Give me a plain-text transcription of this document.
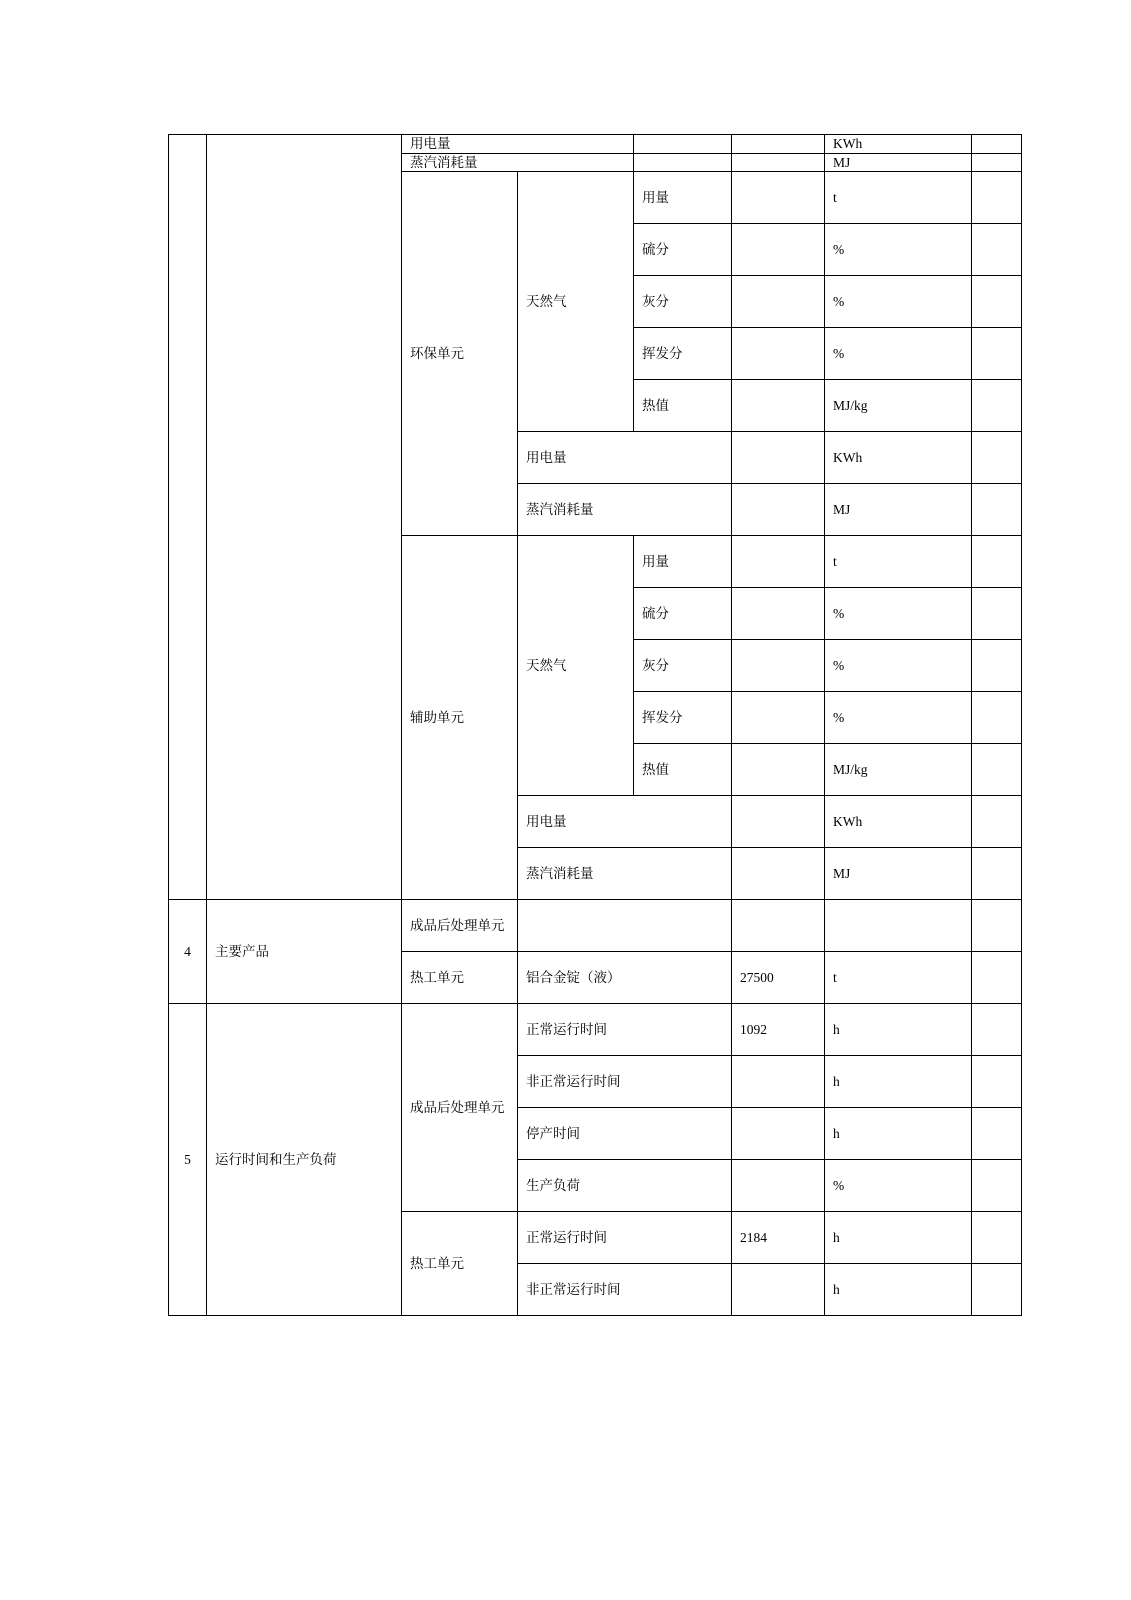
		用电量				KWh	
		蒸汽消耗量				MJ	
		环保单元	天然气	用量		t	
				硫分		%	
				灰分		%	
				挥发分		%	
				热值		MJ/kg	
			用电量			KWh	
			蒸汽消耗量			MJ	
		辅助单元	天然气	用量		t	
				硫分		%	
				灰分		%	
				挥发分		%	
				热值		MJ/kg	
			用电量			KWh	
			蒸汽消耗量			MJ	
4	主要产品	成品后处理单元					
		热工单元	铝合金锭（液）		27500	t	
5	运行时间和生产负荷	成品后处理单元	正常运行时间		1092	h	
			非正常运行时间			h	
			停产时间			h	
			生产负荷			%	
		热工单元	正常运行时间		2184	h	
			非正常运行时间			h	
